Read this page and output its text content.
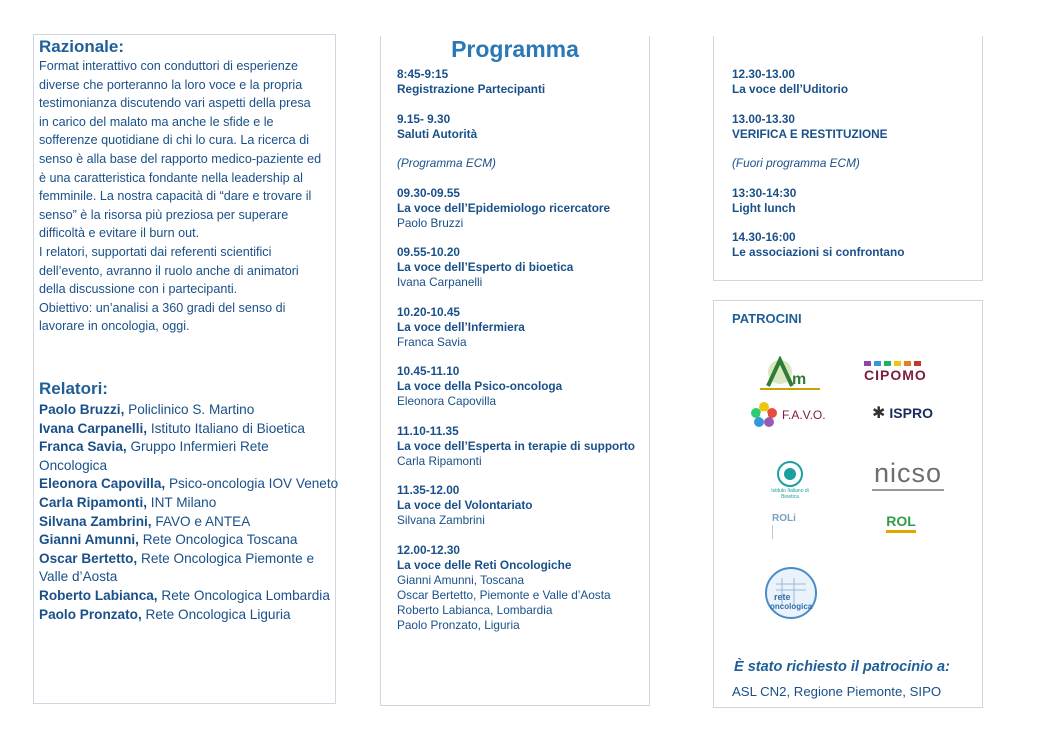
Razionale:
Format interattivo con conduttori di esperienze
diverse che porteranno la loro voce e la propria
testimonianza discutendo vari aspetti della presa
in carico del malato ma anche le sfide e le
sofferenze quotidiane di chi lo cura. La ricerca di
senso è alla base del rapporto medico-paziente ed
è una caratteristica fondante nella leadership al
femminile. La nostra capacità di “dare e trovare il
senso” è la risorsa più preziosa per superare
difficoltà e evitare il burn out.
I relatori, supportati dai referenti scientifici
dell’evento, avranno il ruolo anche di animatori
della discussione con i partecipanti.
Obiettivo: un’analisi a 360 gradi del senso di
lavorare in oncologia, oggi.
Relatori:
Paolo Bruzzi, Policlinico S. Martino
Ivana Carpanelli, Istituto Italiano di Bioetica
Franca Savia, Gruppo Infermieri Rete Oncologica
Eleonora Capovilla, Psico-oncologia IOV Veneto
Carla Ripamonti, INT Milano
Silvana Zambrini, FAVO e ANTEA
Gianni Amunni, Rete Oncologica Toscana
Oscar Bertetto, Rete Oncologica Piemonte e Valle d’Aosta
Roberto Labianca, Rete Oncologica Lombardia
Paolo Pronzato, Rete Oncologica Liguria
Programma
8:45-9:15
Registrazione Partecipanti
9.15- 9.30
Saluti Autorità
(Programma ECM)
09.30-09.55
La voce dell’Epidemiologo ricercatore
Paolo Bruzzi
09.55-10.20
La voce dell’Esperto di bioetica
Ivana Carpanelli
10.20-10.45
La voce dell’Infermiera
Franca Savia
10.45-11.10
La voce della Psico-oncologa
Eleonora Capovilla
11.10-11.35
La voce dell’Esperta in terapie di supporto
Carla Ripamonti
11.35-12.00
La voce del Volontariato
Silvana Zambrini
12.00-12.30
La voce delle Reti Oncologiche
Gianni Amunni, Toscana
Oscar Bertetto, Piemonte e Valle d’Aosta
Roberto Labianca, Lombardia
Paolo Pronzato, Liguria
12.30-13.00
La voce dell’Uditorio
13.00-13.30
VERIFICA E RESTITUZIONE
(Fuori programma ECM)
13:30-14:30
Light lunch
14.30-16:00
Le associazioni si confrontano
PATROCINI
m	CIPOMO
F.A.V.O.	✱ ISPRO
Istituto Italiano di Bioetica
nicso
ROLi	ROL
rete
oncologica
È stato richiesto il patrocinio a:
ASL CN2, Regione Piemonte, SIPO
